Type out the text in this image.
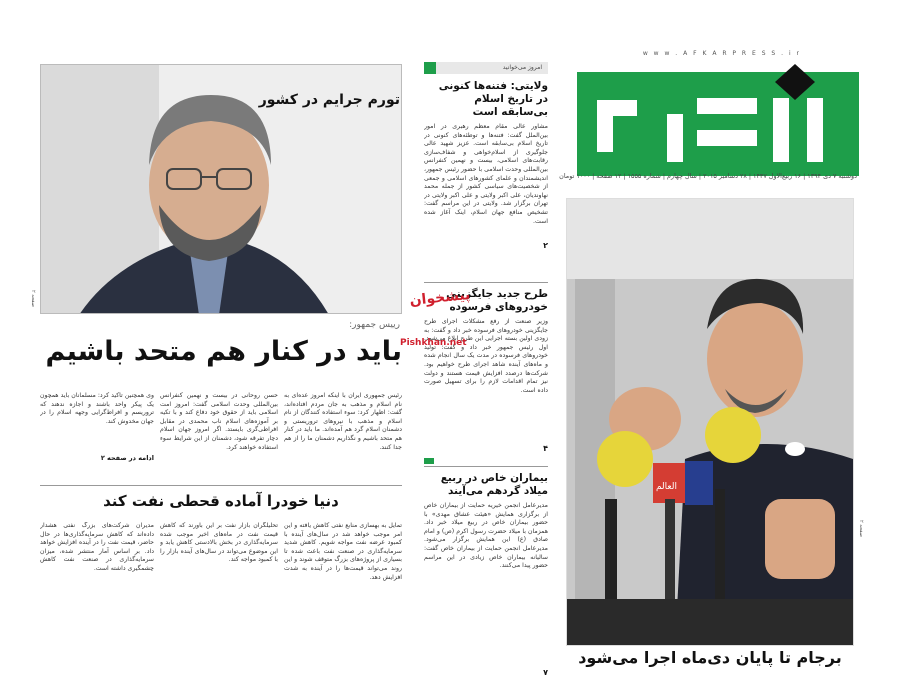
w w w . A F K A R P R E S S . i r
دوشنبه ۷ دی ۱۳۹۴ | ۱۶ ربیع‌الاول ۱۴۳۷ | ۲۸ دسامبر ۲۰۱۵ | سال چهارم | شماره ۱۵۵۵ | ۱۲ صفحه | ۱۰۰۰ تومان
العالم
صفحه ۲
برجام تا پایان دی‌ماه اجرا می‌شود
تورم جرایم در کشور
صفحه ۲
امروز می‌خوانید
ولایتی: فتنه‌ها کنونی در تاریخ اسلام بی‌سابقه است
مشاور عالی مقام معظم رهبری در امور بین‌الملل گفت: فتنه‌ها و توطئه‌های کنونی در تاریخ اسلام بی‌سابقه است. عزیز شهید عالی جلوگیری از اسلام‌خواهی و شفاف‌سازی رقابت‌های اسلامی، بیست و نهمین کنفرانس بین‌المللی وحدت اسلامی با حضور رئیس جمهور، اندیشمندان و علمای کشورهای اسلامی و جمعی از شخصیت‌های سیاسی کشور از جمله محمد نهاوندیان، علی اکبر ولایتی و علی اکبر ولایتی در تهران برگزار شد. ولایتی در این مراسم گفت: تشخیص منافع جهان اسلام، اینک آغاز شده است.
۲
طرح جدید جایگزینی خودروهای فرسوده
وزیر صنعت از رفع مشکلات اجرای طرح جایگزینی خودروهای فرسوده خبر داد و گفت: به زودی اولین بسته اجرایی این طرح ابلاغ می‌شود. اول رئیس جمهور خبر داد و گفت: تولید خودروهای فرسوده در مدت یک سال انجام شده و ماه‌های آینده شاهد اجرای طرح خواهیم بود. شرکت‌ها درصدد افزایش قیمت هستند و دولت نیز تمام اقدامات لازم را برای تسهیل صورت داده است.
۴
بیماران خاص در ربیع میلاد گردهم می‌آیند
مدیرعامل انجمن خیریه حمایت از بیماران خاص از برگزاری همایش «هیئت عشاق مهدی» با حضور بیماران خاص در ربیع میلاد خبر داد. همزمان با میلاد حضرت رسول اکرم (ص) و امام صادق (ع) این همایش برگزار می‌شود. مدیرعامل انجمن حمایت از بیماران خاص گفت: سالیانه بیماران خاص زیادی در این مراسم حضور پیدا می‌کنند.
۷
پیشخوان
Pishkhan.net
رییس جمهور:
باید در کنار هم متحد باشیم
رئیس جمهوری ایران با اینکه امروز عده‌ای به نام اسلام و مذهب به جان مردم افتاده‌اند، گفت: اظهار کرد: سوء استفاده کنندگان از نام اسلام و مذهب با نیروهای تروریستی و دشمنان اسلام گرد هم آمده‌اند. ما باید در کنار هم متحد باشیم و نگذاریم دشمنان ما را از هم جدا کنند.
حسن روحانی در بیست و نهمین کنفرانس بین‌المللی وحدت اسلامی گفت: امروز امت اسلامی باید از حقوق خود دفاع کند و با تکیه بر آموزه‌های اسلام ناب محمدی در مقابل افراطی‌گری بایستد. اگر امروز جهان اسلام دچار تفرقه شود، دشمنان از این شرایط سوء استفاده خواهند کرد.
وی همچنین تاکید کرد: مسلمانان باید همچون یک پیکر واحد باشند و اجازه ندهند که تروریسم و افراط‌گرایی وجهه اسلام را در جهان مخدوش کند.
ادامه در صفحه ۲
دنیا خودرا آماده قحطی نفت کند
تمایل به بهسازی منابع نفتی کاهش یافته و این امر موجب خواهد شد در سال‌های آینده با کمبود عرضه نفت مواجه شویم. کاهش شدید سرمایه‌گذاری در صنعت نفت باعث شده تا بسیاری از پروژه‌های بزرگ متوقف شوند و این روند می‌تواند قیمت‌ها را در آینده به شدت افزایش دهد.
تحلیلگران بازار نفت بر این باورند که کاهش قیمت نفت در ماه‌های اخیر موجب شده سرمایه‌گذاری در بخش بالادستی کاهش یابد و این موضوع می‌تواند در سال‌های آینده بازار را با کمبود مواجه کند.
مدیران شرکت‌های بزرگ نفتی هشدار داده‌اند که کاهش سرمایه‌گذاری‌ها در حال حاضر، قیمت نفت را در آینده افزایش خواهد داد. بر اساس آمار منتشر شده، میزان سرمایه‌گذاری در صنعت نفت کاهش چشمگیری داشته است.
